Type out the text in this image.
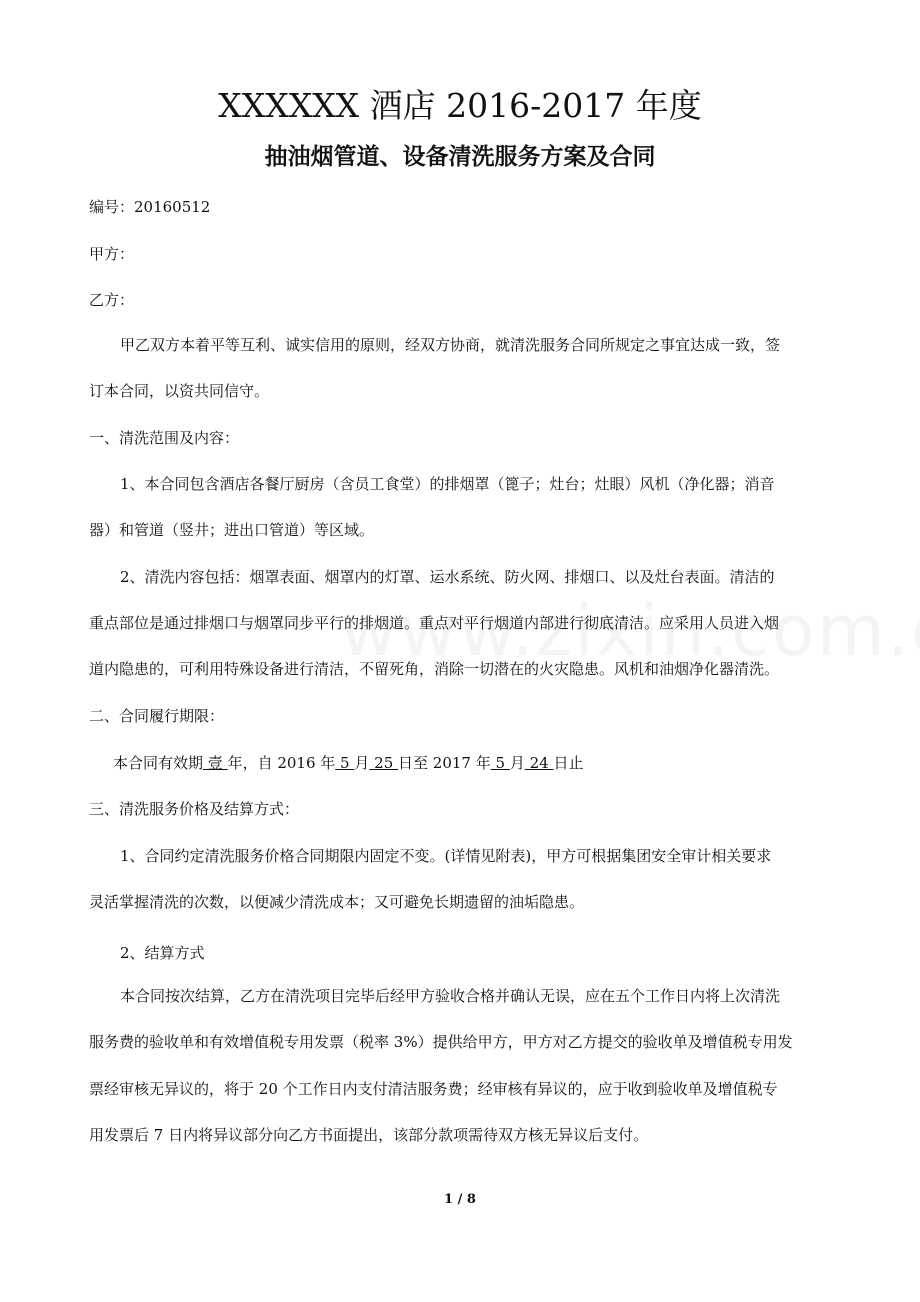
XXXXXX 酒店 2016-2017 年度
抽油烟管道、设备清洗服务方案及合同

编号：20160512

甲方：

乙方：

甲乙双方本着平等互利、诚实信用的原则，经双方协商，就清洗服务合同所规定之事宜达成一致，签

订本合同，以资共同信守。

一、清洗范围及内容：

1、本合同包含酒店各餐厅厨房（含员工食堂）的排烟罩（篦子；灶台；灶眼）风机（净化器；消音

器）和管道（竖井；进出口管道）等区域。

2、清洗内容包括：烟罩表面、烟罩内的灯罩、运水系统、防火网、排烟口、以及灶台表面。清洁的

重点部位是通过排烟口与烟罩同步平行的排烟道。重点对平行烟道内部进行彻底清洁。应采用人员进入烟

道内隐患的，可利用特殊设备进行清洁，不留死角，消除一切潜在的火灾隐患。风机和油烟净化器清洗。

二、合同履行期限：

本合同有效期 壹 年，自 2016 年 5 月 25 日至 2017 年 5 月 24 日止

三、清洗服务价格及结算方式：

1、合同约定清洗服务价格合同期限内固定不变。(详情见附表)，甲方可根据集团安全审计相关要求

灵活掌握清洗的次数，以便减少清洗成本；又可避免长期遗留的油垢隐患。

2、结算方式

本合同按次结算，乙方在清洗项目完毕后经甲方验收合格并确认无误，应在五个工作日内将上次清洗

服务费的验收单和有效增值税专用发票（税率 3%）提供给甲方，甲方对乙方提交的验收单及增值税专用发

票经审核无异议的，将于 20 个工作日内支付清洁服务费；经审核有异议的，应于收到验收单及增值税专

用发票后 7 日内将异议部分向乙方书面提出，该部分款项需待双方核无异议后支付。

1 / 8
